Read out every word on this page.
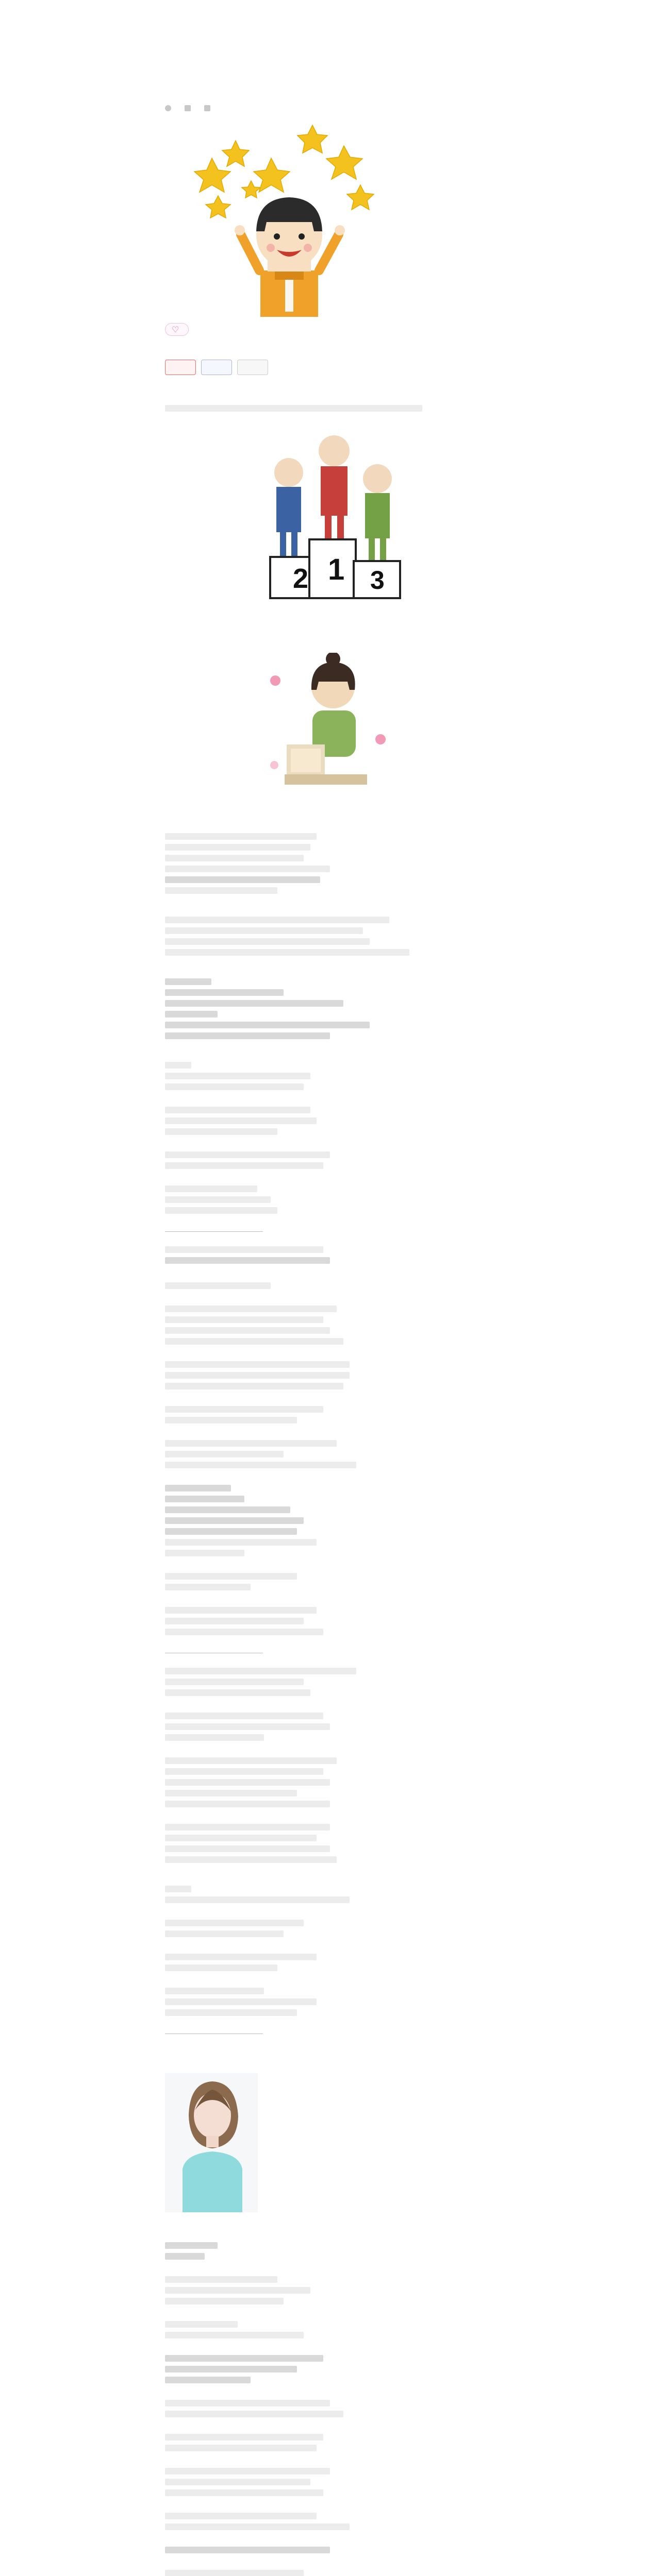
♡

2 1 3
